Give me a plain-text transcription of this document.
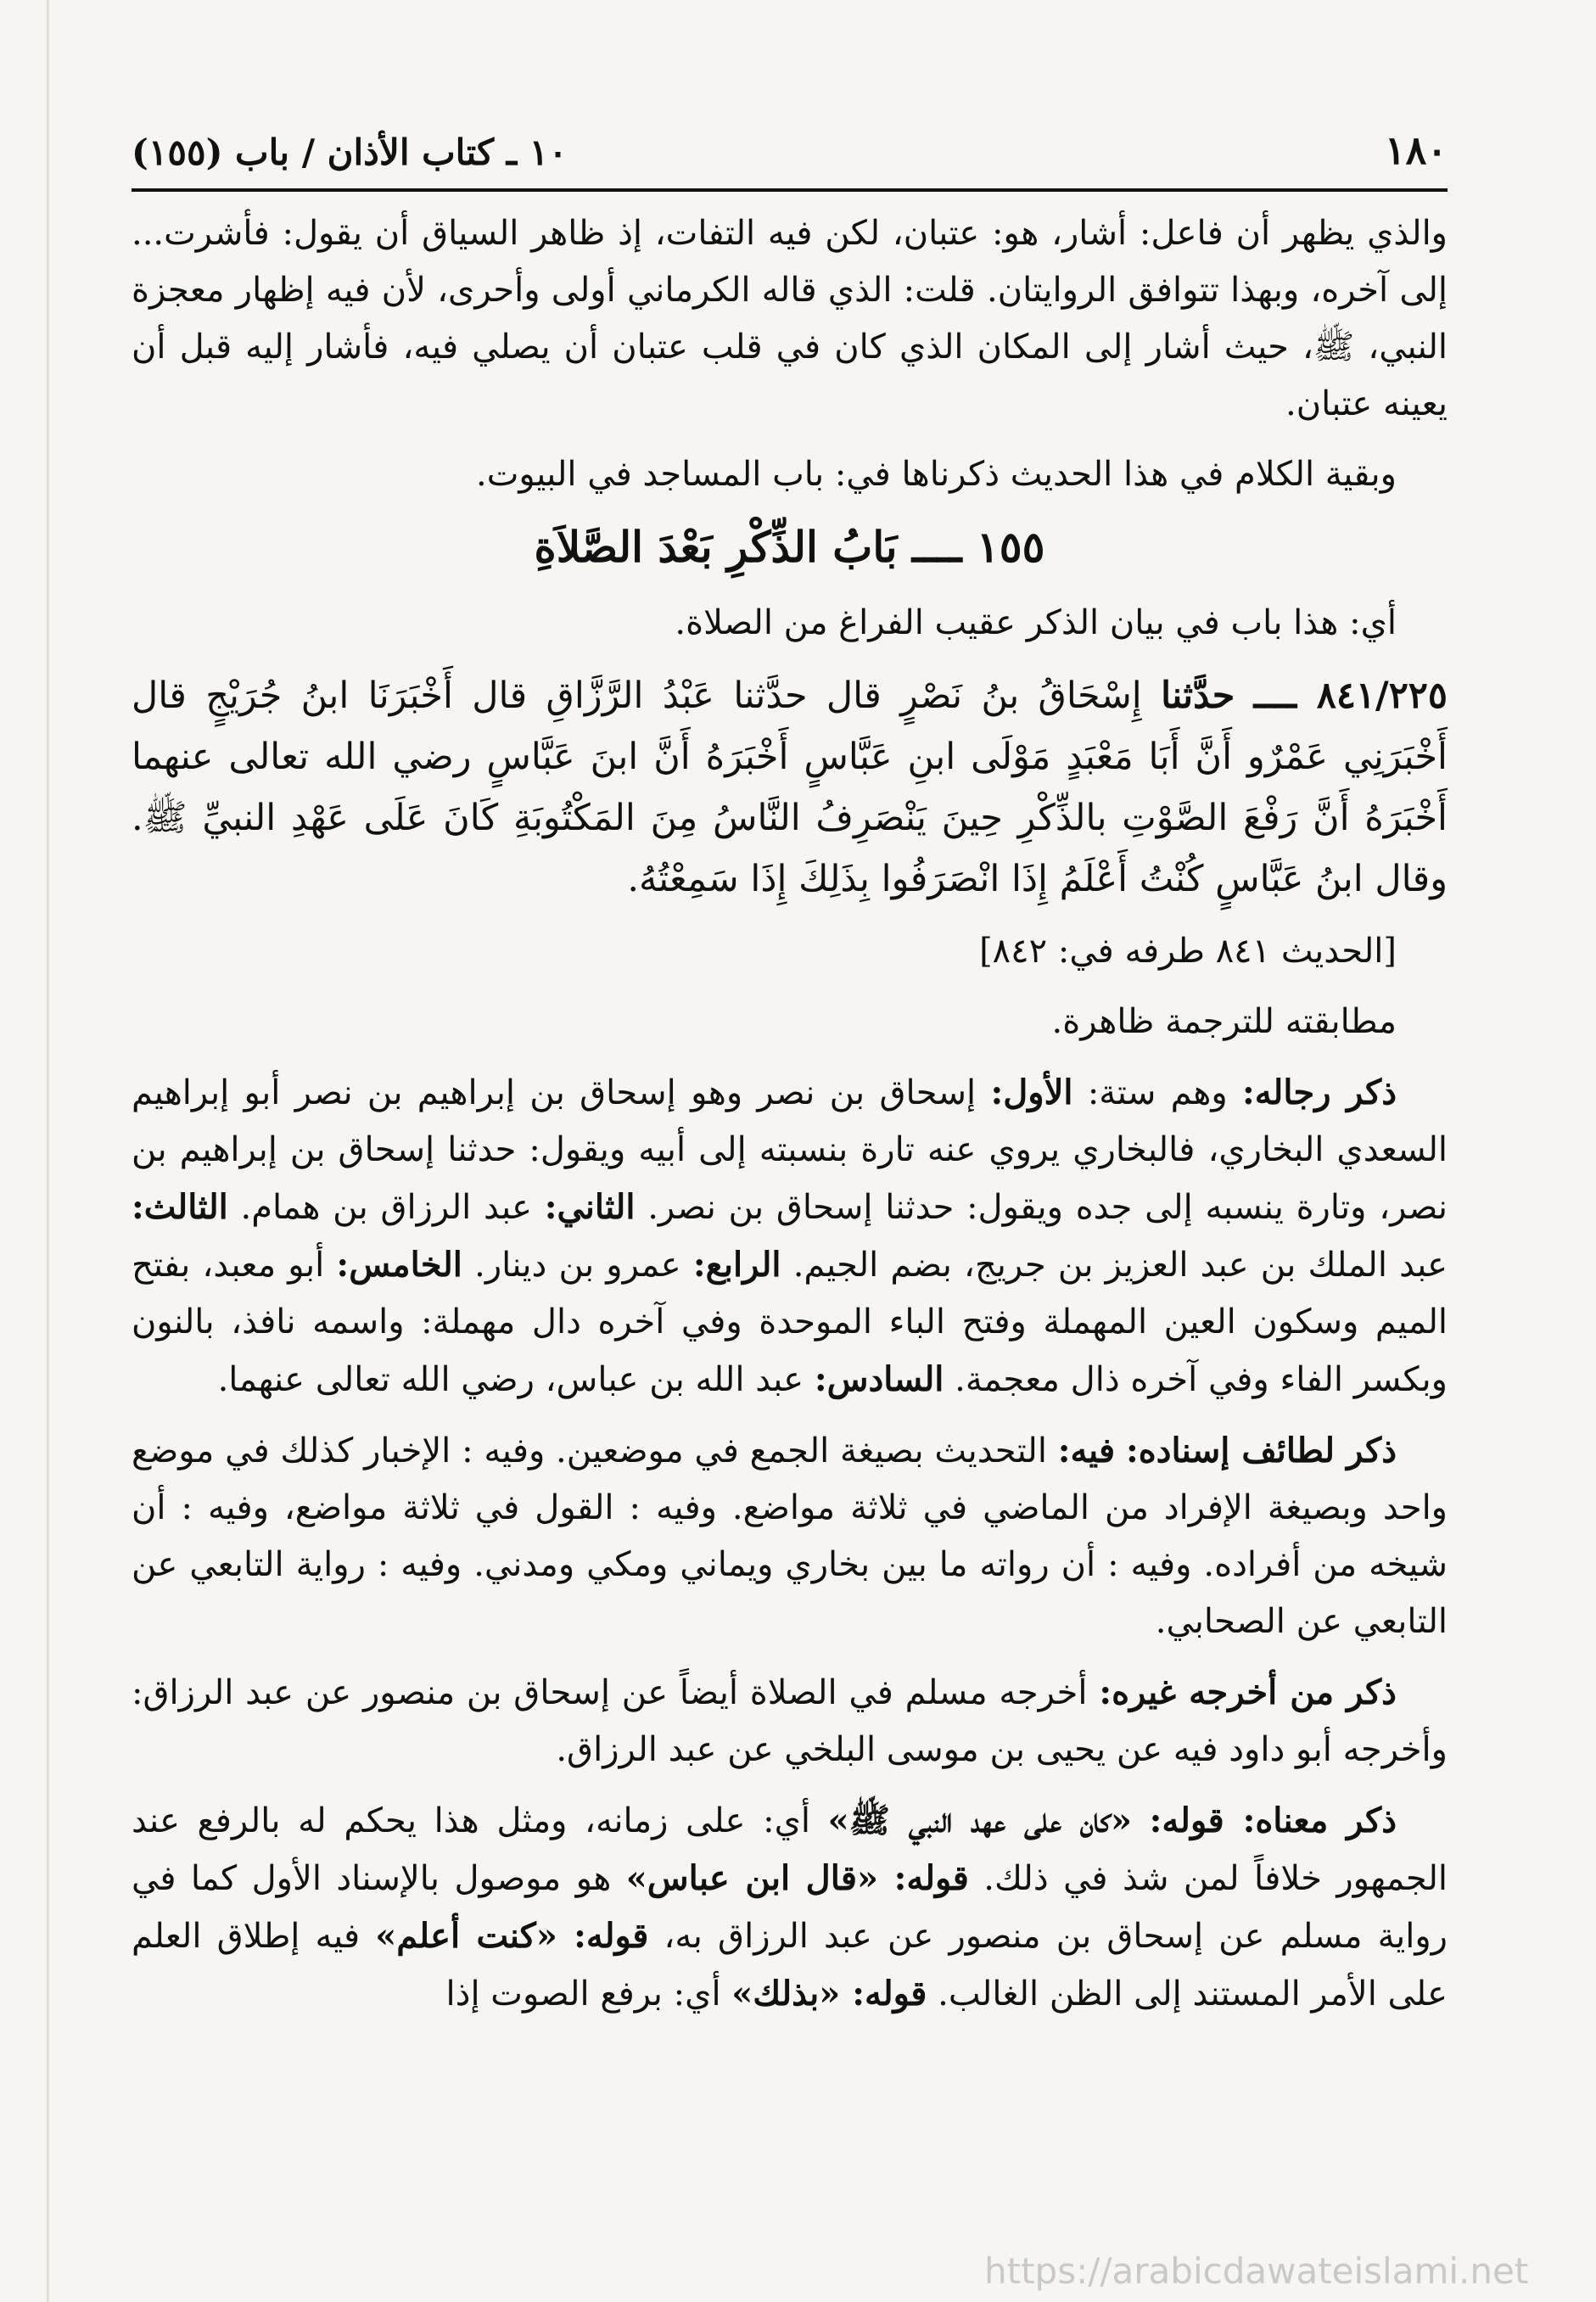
١٨٠
١٠ ـ كتاب الأذان / باب (١٥٥)

والذي يظهر أن فاعل: أشار، هو: عتبان، لكن فيه التفات، إذ ظاهر السياق أن يقول: فأشرت... إلى آخره، وبهذا تتوافق الروايتان. قلت: الذي قاله الكرماني أولى وأحرى، لأن فيه إظهار معجزة النبي، ﷺ، حيث أشار إلى المكان الذي كان في قلب عتبان أن يصلي فيه، فأشار إليه قبل أن يعينه عتبان.

وبقية الكلام في هذا الحديث ذكرناها في: باب المساجد في البيوت.

١٥٥ ــــ بَابُ الذِّكْرِ بَعْدَ الصَّلاَةِ

أي: هذا باب في بيان الذكر عقيب الفراغ من الصلاة.

٨٤١/٢٢٥ ــــ حدَّثنا إِسْحَاقُ بنُ نَصْرٍ قال حدَّثنا عَبْدُ الرَّزَّاقِ قال أَخْبَرَنَا ابنُ جُرَيْجٍ قال أَخْبَرَنِي عَمْرٌو أَنَّ أَبَا مَعْبَدٍ مَوْلَى ابنِ عَبَّاسٍ أَخْبَرَهُ أَنَّ ابنَ عَبَّاسٍ رضي الله تعالى عنهما أَخْبَرَهُ أَنَّ رَفْعَ الصَّوْتِ بالذِّكْرِ حِينَ يَنْصَرِفُ النَّاسُ مِنَ المَكْتُوبَةِ كَانَ عَلَى عَهْدِ النبيِّ ﷺ. وقال ابنُ عَبَّاسٍ كُنْتُ أَعْلَمُ إِذَا انْصَرَفُوا بِذَلِكَ إِذَا سَمِعْتُهُ.

[الحديث ٨٤١ طرفه في: ٨٤٢]

مطابقته للترجمة ظاهرة.

ذكر رجاله: وهم ستة: الأول: إسحاق بن نصر وهو إسحاق بن إبراهيم بن نصر أبو إبراهيم السعدي البخاري، فالبخاري يروي عنه تارة بنسبته إلى أبيه ويقول: حدثنا إسحاق بن إبراهيم بن نصر، وتارة ينسبه إلى جده ويقول: حدثنا إسحاق بن نصر. الثاني: عبد الرزاق بن همام. الثالث: عبد الملك بن عبد العزيز بن جريج، بضم الجيم. الرابع: عمرو بن دينار. الخامس: أبو معبد، بفتح الميم وسكون العين المهملة وفتح الباء الموحدة وفي آخره دال مهملة: واسمه نافذ، بالنون وبكسر الفاء وفي آخره ذال معجمة. السادس: عبد الله بن عباس، رضي الله تعالى عنهما.

ذكر لطائف إسناده: فيه: التحديث بصيغة الجمع في موضعين. وفيه : الإخبار كذلك في موضع واحد وبصيغة الإفراد من الماضي في ثلاثة مواضع. وفيه : القول في ثلاثة مواضع، وفيه : أن شيخه من أفراده. وفيه : أن رواته ما بين بخاري ويماني ومكي ومدني. وفيه : رواية التابعي عن التابعي عن الصحابي.

ذكر من أخرجه غيره: أخرجه مسلم في الصلاة أيضاً عن إسحاق بن منصور عن عبد الرزاق: وأخرجه أبو داود فيه عن يحيى بن موسى البلخي عن عبد الرزاق.

ذكر معناه: قوله: «كان على عهد النبي ﷺ» أي: على زمانه، ومثل هذا يحكم له بالرفع عند الجمهور خلافاً لمن شذ في ذلك. قوله: «قال ابن عباس» هو موصول بالإسناد الأول كما في رواية مسلم عن إسحاق بن منصور عن عبد الرزاق به، قوله: «كنت أعلم» فيه إطلاق العلم على الأمر المستند إلى الظن الغالب. قوله: «بذلك» أي: برفع الصوت إذا

https://arabicdawateislami.net
